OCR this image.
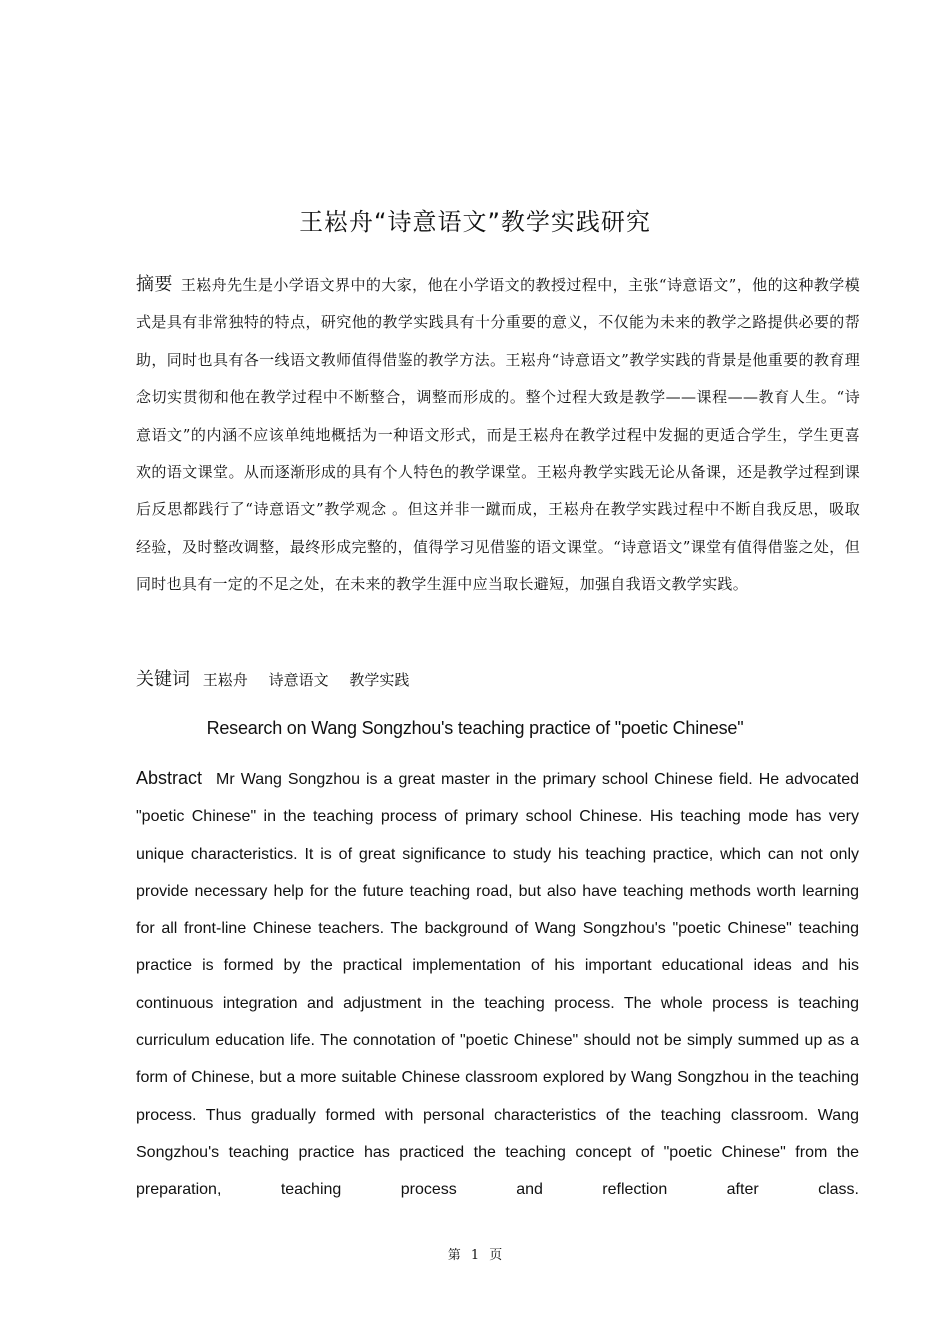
王崧舟“诗意语文”教学实践研究
摘要 王崧舟先生是小学语文界中的大家，他在小学语文的教授过程中，主张“诗意语文”，他的这种教学模式是具有非常独特的特点，研究他的教学实践具有十分重要的意义，不仅能为未来的教学之路提供必要的帮助，同时也具有各一线语文教师值得借鉴的教学方法。王崧舟“诗意语文”教学实践的背景是他重要的教育理念切实贯彻和他在教学过程中不断整合，调整而形成的。整个过程大致是教学——课程——教育人生。“诗意语文”的内涵不应该单纯地概括为一种语文形式，而是王崧舟在教学过程中发掘的更适合学生，学生更喜欢的语文课堂。从而逐渐形成的具有个人特色的教学课堂。王崧舟教学实践无论从备课，还是教学过程到课后反思都践行了“诗意语文”教学观念 。但这并非一蹴而成，王崧舟在教学实践过程中不断自我反思，吸取经验，及时整改调整，最终形成完整的，值得学习见借鉴的语文课堂。“诗意语文”课堂有值得借鉴之处，但同时也具有一定的不足之处，在未来的教学生涯中应当取长避短，加强自我语文教学实践。
关键词 王崧舟 诗意语文 教学实践
Research on Wang Songzhou's teaching practice of "poetic Chinese"
Abstract Mr Wang Songzhou is a great master in the primary school Chinese field. He advocated "poetic Chinese" in the teaching process of primary school Chinese. His teaching mode has very unique characteristics. It is of great significance to study his teaching practice, which can not only provide necessary help for the future teaching road, but also have teaching methods worth learning for all front-line Chinese teachers. The background of Wang Songzhou's "poetic Chinese" teaching practice is formed by the practical implementation of his important educational ideas and his continuous integration and adjustment in the teaching process. The whole process is teaching curriculum education life. The connotation of "poetic Chinese" should not be simply summed up as a form of Chinese, but a more suitable Chinese classroom explored by Wang Songzhou in the teaching process. Thus gradually formed with personal characteristics of the teaching classroom. Wang Songzhou's teaching practice has practiced the teaching concept of "poetic Chinese" from the preparation, teaching process and reflection after class.
第 1 页
